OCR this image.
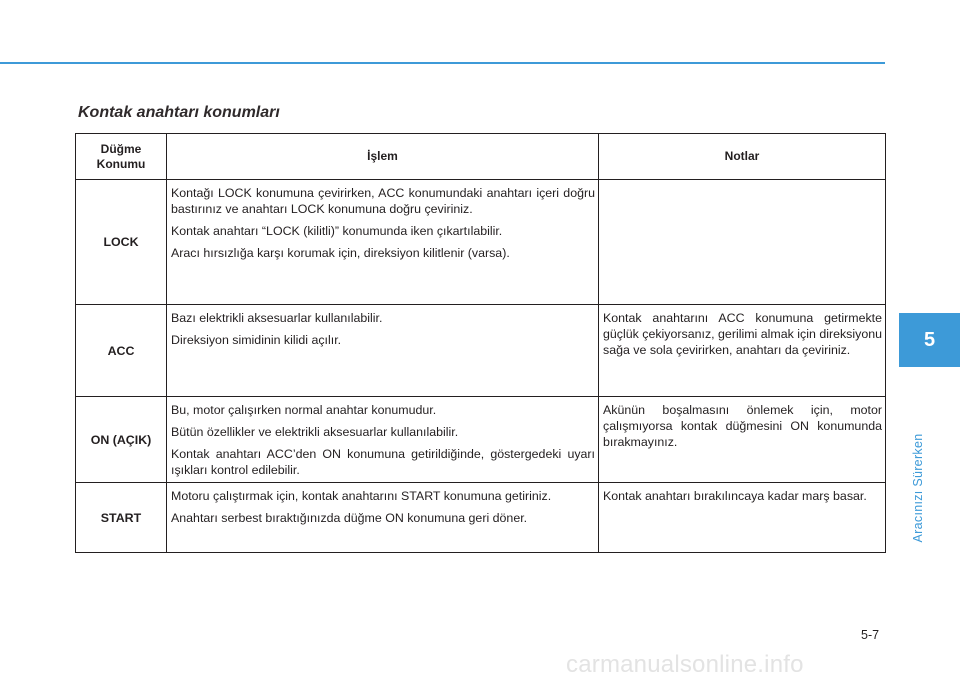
Kontak anahtarı konumları
Düğme Konumu	İşlem	Notlar
LOCK	Kontağı LOCK konumuna çevirirken, ACC konumundaki anahtarı içeri doğru bastırınız ve anahtarı LOCK konumuna doğru çeviriniz.

Kontak anahtarı “LOCK (kilitli)” konumunda iken çıkartılabilir.

Aracı hırsızlığa karşı korumak için, direksiyon kilitlenir (varsa).	

ACC	Bazı elektrikli aksesuarlar kullanılabilir.

Direksiyon simidinin kilidi açılır.	Kontak anahtarını ACC konumuna getirmekte güçlük çekiyorsanız, gerilimi almak için direksiyonu sağa ve sola çevirirken, anahtarı da çeviriniz.

ON (AÇIK)	Bu, motor çalışırken normal anahtar konumudur.

Bütün özellikler ve elektrikli aksesuarlar kullanılabilir.

Kontak anahtarı ACC’den ON konumuna getirildiğinde, göstergedeki uyarı ışıkları kontrol edilebilir.	Akünün boşalmasını önlemek için, motor çalışmıyorsa kontak düğmesini ON konumunda bırakmayınız.

START	Motoru çalıştırmak için, kontak anahtarını START konumuna getiriniz.

Anahtarı serbest bıraktığınızda düğme ON konumuna geri döner.	Kontak anahtarı bırakılıncaya kadar marş basar.

5
Aracınızı Sürerken
5-7
carmanualsonline.info
